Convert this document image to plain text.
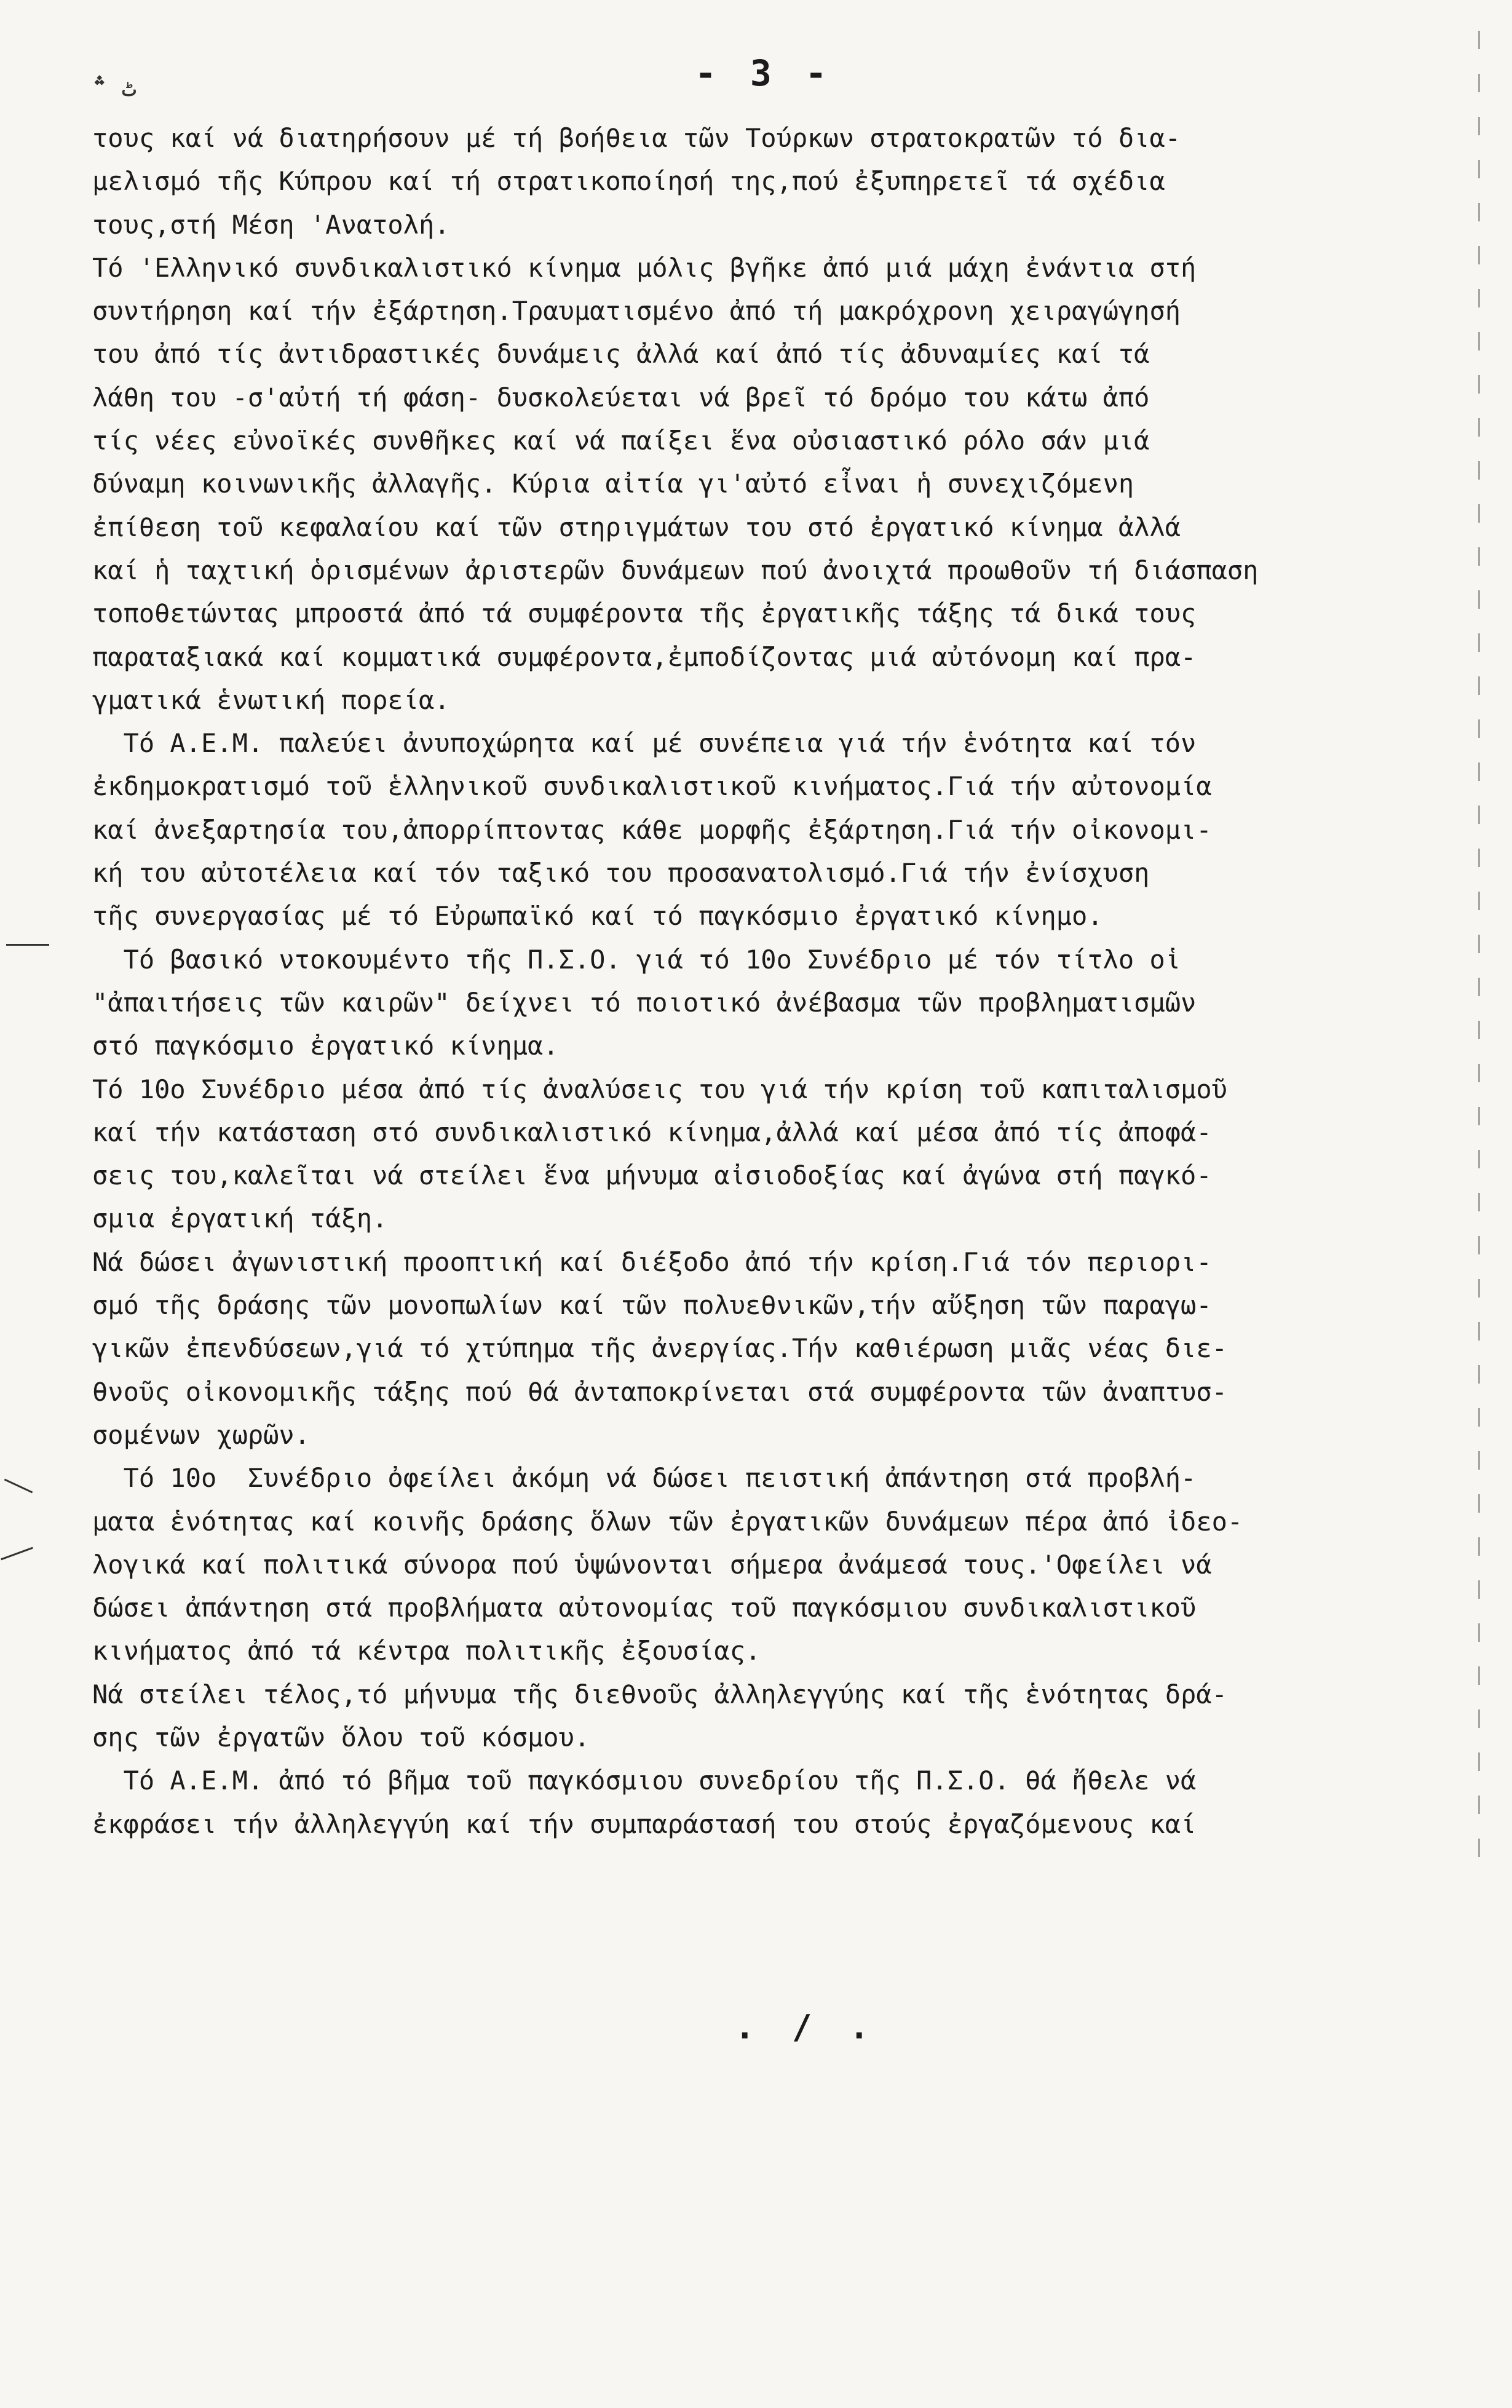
ٹ ؞	- 3 -
τους καί νά διατηρήσουν μέ τή βοήθεια τῶν Τούρκων στρατοκρατῶν τό δια-
μελισμό τῆς Κύπρου καί τή στρατικοποίησή της,πού ἐξυπηρετεῖ τά σχέδια
τους,στή Μέση 'Ανατολή.
Τό 'Ελληνικό συνδικαλιστικό κίνημα μόλις βγῆκε ἀπό μιά μάχη ἐνάντια στή
συντήρηση καί τήν ἐξάρτηση.Τραυματισμένο ἀπό τή μακρόχρονη χειραγώγησή
του ἀπό τίς ἀντιδραστικές δυνάμεις ἀλλά καί ἀπό τίς ἀδυναμίες καί τά
λάθη του -σ'αὐτή τή φάση- δυσκολεύεται νά βρεῖ τό δρόμο του κάτω ἀπό
τίς νέες εὐνοϊκές συνθῆκες καί νά παίξει ἕνα οὐσιαστικό ρόλο σάν μιά
δύναμη κοινωνικῆς ἀλλαγῆς. Κύρια αἰτία γι'αὐτό εἶναι ἡ συνεχιζόμενη
ἐπίθεση τοῦ κεφαλαίου καί τῶν στηριγμάτων του στό ἐργατικό κίνημα ἀλλά
καί ἡ ταχτική ὁρισμένων ἀριστερῶν δυνάμεων πού ἀνοιχτά προωθοῦν τή διάσπαση
τοποθετώντας μπροστά ἀπό τά συμφέροντα τῆς ἐργατικῆς τάξης τά δικά τους
παραταξιακά καί κομματικά συμφέροντα,ἐμποδίζοντας μιά αὐτόνομη καί πρα-
γματικά ἑνωτική πορεία.
Τό Α.Ε.Μ. παλεύει ἀνυποχώρητα καί μέ συνέπεια γιά τήν ἑνότητα καί τόν
ἐκδημοκρατισμό τοῦ ἑλληνικοῦ συνδικαλιστικοῦ κινήματος.Γιά τήν αὐτονομία
καί ἀνεξαρτησία του,ἀπορρίπτοντας κάθε μορφῆς ἐξάρτηση.Γιά τήν οἰκονομι-
κή του αὐτοτέλεια καί τόν ταξικό του προσανατολισμό.Γιά τήν ἐνίσχυση
τῆς συνεργασίας μέ τό Εὐρωπαϊκό καί τό παγκόσμιο ἐργατικό κίνημο.
Τό βασικό ντοκουμέντο τῆς Π.Σ.Ο. γιά τό 10ο Συνέδριο μέ τόν τίτλο οἱ
"ἀπαιτήσεις τῶν καιρῶν" δείχνει τό ποιοτικό ἀνέβασμα τῶν προβληματισμῶν
στό παγκόσμιο ἐργατικό κίνημα.
Τό 10ο Συνέδριο μέσα ἀπό τίς ἀναλύσεις του γιά τήν κρίση τοῦ καπιταλισμοῦ
καί τήν κατάσταση στό συνδικαλιστικό κίνημα,ἀλλά καί μέσα ἀπό τίς ἀποφά-
σεις του,καλεῖται νά στείλει ἕνα μήνυμα αἰσιοδοξίας καί ἀγώνα στή παγκό-
σμια ἐργατική τάξη.
Νά δώσει ἀγωνιστική προοπτική καί διέξοδο ἀπό τήν κρίση.Γιά τόν περιορι-
σμό τῆς δράσης τῶν μονοπωλίων καί τῶν πολυεθνικῶν,τήν αὔξηση τῶν παραγω-
γικῶν ἐπενδύσεων,γιά τό χτύπημα τῆς ἀνεργίας.Τήν καθιέρωση μιᾶς νέας διε-
θνοῦς οἰκονομικῆς τάξης πού θά ἀνταποκρίνεται στά συμφέροντα τῶν ἀναπτυσ-
σομένων χωρῶν.
Τό 10ο  Συνέδριο ὀφείλει ἀκόμη νά δώσει πειστική ἀπάντηση στά προβλή-
ματα ἑνότητας καί κοινῆς δράσης ὅλων τῶν ἐργατικῶν δυνάμεων πέρα ἀπό ἰδεο-
λογικά καί πολιτικά σύνορα πού ὑψώνονται σήμερα ἀνάμεσά τους.'Οφείλει νά
δώσει ἀπάντηση στά προβλήματα αὐτονομίας τοῦ παγκόσμιου συνδικαλιστικοῦ
κινήματος ἀπό τά κέντρα πολιτικῆς ἐξουσίας.
Νά στείλει τέλος,τό μήνυμα τῆς διεθνοῦς ἀλληλεγγύης καί τῆς ἑνότητας δρά-
σης τῶν ἐργατῶν ὅλου τοῦ κόσμου.
Τό Α.Ε.Μ. ἀπό τό βῆμα τοῦ παγκόσμιου συνεδρίου τῆς Π.Σ.Ο. θά ἤθελε νά
ἐκφράσει τήν ἀλληλεγγύη καί τήν συμπαράστασή του στούς ἐργαζόμενους καί
. / .
